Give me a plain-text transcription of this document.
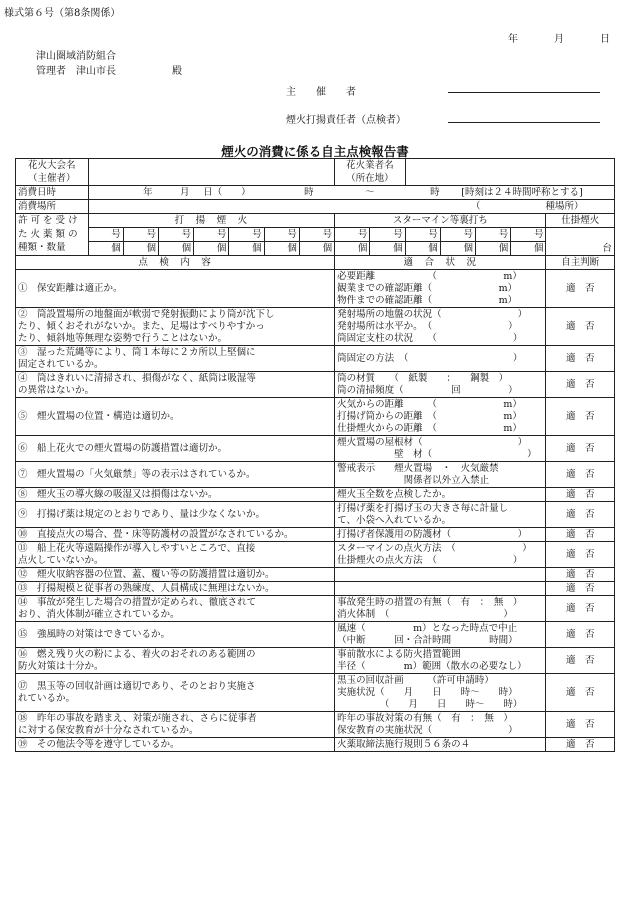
様式第６号（第8条関係）
年	月	日
津山圏域消防組合
管理者　津山市長	殿
主　　催　　者
煙火打揚責任者（点検者）
煙火の消費に係る自主点検報告書
花火大会名								花火業者名						
（主催者）								（所在地）						
消費日時	年 月 日（　　） 時 ～ 時 [時刻は２４時間呼称とする]													
消費場所	（ 種場所）													
許 可 を 受 け	打　揚　煙　火							スターマイン等裏打ち						仕掛煙火
た 火 薬 類 の	号	号	号	号	号	号	号	号	号	号	号	号	号	台
種類・数量	個	個	個	個	個	個	個	個	個	個	個	個	個	
点　検　内　容								適　合　状　況						自主判断

①　保安距離は適正か。								必要距離　　　　　　（　　　　　　　m）
観業までの確認距離（　　　　　　　m）
物件までの確認距離（　　　　　　　m）						適　否

②　筒設置場所の地盤面が軟弱で発射振動により筒が沈下し
たり、傾くおそれがないか。また、足場はすべりやすかっ
たり、傾斜地等無理な姿勢で行うことはないか。								発射場所の地盤の状況（　　　　　　　　）
発射場所は水平か。　（　　　　　　　　）
筒固定支柱の状況　　（　　　　　　　　）						適　否

③　湿った荒縄等により、筒１本毎に２カ所以上堅個に
固定されているか。								筒固定の方法　（　　　　　　　　　　　）						適　否

④　筒はきれいに清掃され、損傷がなく、紙筒は吸湿等
の異常はないか。								筒の材質　　（　紙製　　：　　鋼製　）
筒の清掃頻度（　　　　　回　　　　　）						適　否

⑤　煙火置場の位置・構造は適切か。								火気からの距離　　　（　　　　　　　m）
打揚げ筒からの距離　（　　　　　　　m）
仕掛煙火からの距離　（　　　　　　　m）						適　否

⑥　船上花火での煙火置場の防護措置は適切か。								煙火置場の屋根材（　　　　　　　　　　）
　　　　　　壁　材（　　　　　　　　　　）						適　否

⑦　煙火置場の「火気厳禁」等の表示はされているか。								警戒表示　　煙火置場　・　火気厳禁
　　　　　　　関係者以外立入禁止						適　否

⑧　煙火玉の導火線の吸湿又は損傷はないか。								煙火玉全数を点検したか。						適　否

⑨　打揚げ薬は規定のとおりであり、量は少なくないか。								打揚げ薬を打揚げ玉の大きさ毎に計量し
て、小袋へ入れているか。						適　否

⑩　直接点火の場合、畳・床等防護材の設置がなされているか。								打揚げ者保護用の防護材（　　　　　　　）						適　否

⑪　船上花火等遠隔操作が導入しやすいところで、直接
点火していないか。								スターマインの点火方法　（　　　　　　　）
仕掛煙火の点火方法　（　　　　　　　　）						適　否

⑫　煙火収納容器の位置、蓋、覆い等の防護措置は適切か。														適　否

⑬　打揚規模と従事者の熟練度、人員構成に無理はないか。														適　否

⑭　事故が発生した場合の措置が定められ、徹底されて
おり、消火体制が確立されているか。								事故発生時の措置の有無（　有　：　無　）
消火体制　（　　　　　　　　　　　　）						適　否

⑮　強風時の対策はできているか。								風速（　　　　　m）となった時点で中止
（中断　　　回・合計時間　　　　時間）						適　否

⑯　燃え残り火の粉による、着火のおそれのある範囲の
防火対策は十分か。								事前散水による防火措置範囲
半径（　　　　m）範囲（散水の必要なし）						適　否

⑰　黒玉等の回収計画は適切であり、そのとおり実施さ
れているか。								黒玉の回収計画　　　（許可申請時）
実施状況（　　月　　日　　時～　　時）
　　　　　（　　月　　日　　時～　　時）						適　否

⑱　昨年の事故を踏まえ、対策が施され、さらに従事者
に対する保安教育が十分なされているか。								昨年の事故対策の有無（　有　：　無　）
保安教育の実施状況（　　　　　　　　）						適　否

⑲　その他法令等を遵守しているか。								火薬取締法施行規則５６条の４						適　否
